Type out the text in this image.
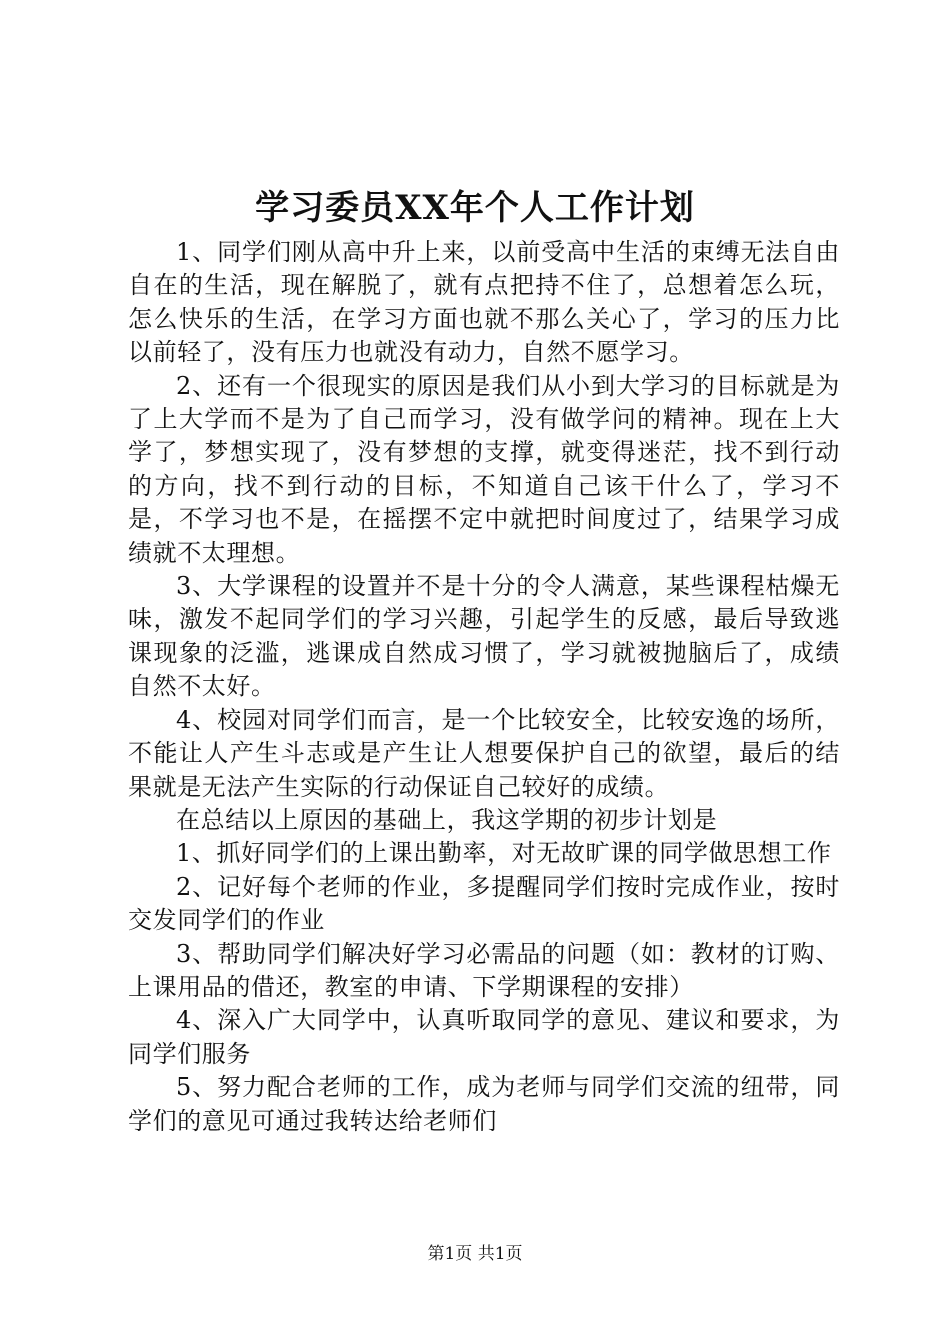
学习委员XX年个人工作计划

1、同学们刚从高中升上来，以前受高中生活的束缚无法自由自在的生活，现在解脱了，就有点把持不住了，总想着怎么玩，怎么快乐的生活，在学习方面也就不那么关心了，学习的压力比以前轻了，没有压力也就没有动力，自然不愿学习。

2、还有一个很现实的原因是我们从小到大学习的目标就是为了上大学而不是为了自己而学习，没有做学问的精神。现在上大学了，梦想实现了，没有梦想的支撑，就变得迷茫，找不到行动的方向，找不到行动的目标，不知道自己该干什么了，学习不是，不学习也不是，在摇摆不定中就把时间度过了，结果学习成绩就不太理想。

3、大学课程的设置并不是十分的令人满意，某些课程枯燥无味，激发不起同学们的学习兴趣，引起学生的反感，最后导致逃课现象的泛滥，逃课成自然成习惯了，学习就被抛脑后了，成绩自然不太好。

4、校园对同学们而言，是一个比较安全，比较安逸的场所，不能让人产生斗志或是产生让人想要保护自己的欲望，最后的结果就是无法产生实际的行动保证自己较好的成绩。

在总结以上原因的基础上，我这学期的初步计划是

1、抓好同学们的上课出勤率，对无故旷课的同学做思想工作

2、记好每个老师的作业，多提醒同学们按时完成作业，按时交发同学们的作业

3、帮助同学们解决好学习必需品的问题（如：教材的订购、上课用品的借还，教室的申请、下学期课程的安排）

4、深入广大同学中，认真听取同学的意见、建议和要求，为同学们服务

5、努力配合老师的工作，成为老师与同学们交流的纽带，同学们的意见可通过我转达给老师们

第1页 共1页
